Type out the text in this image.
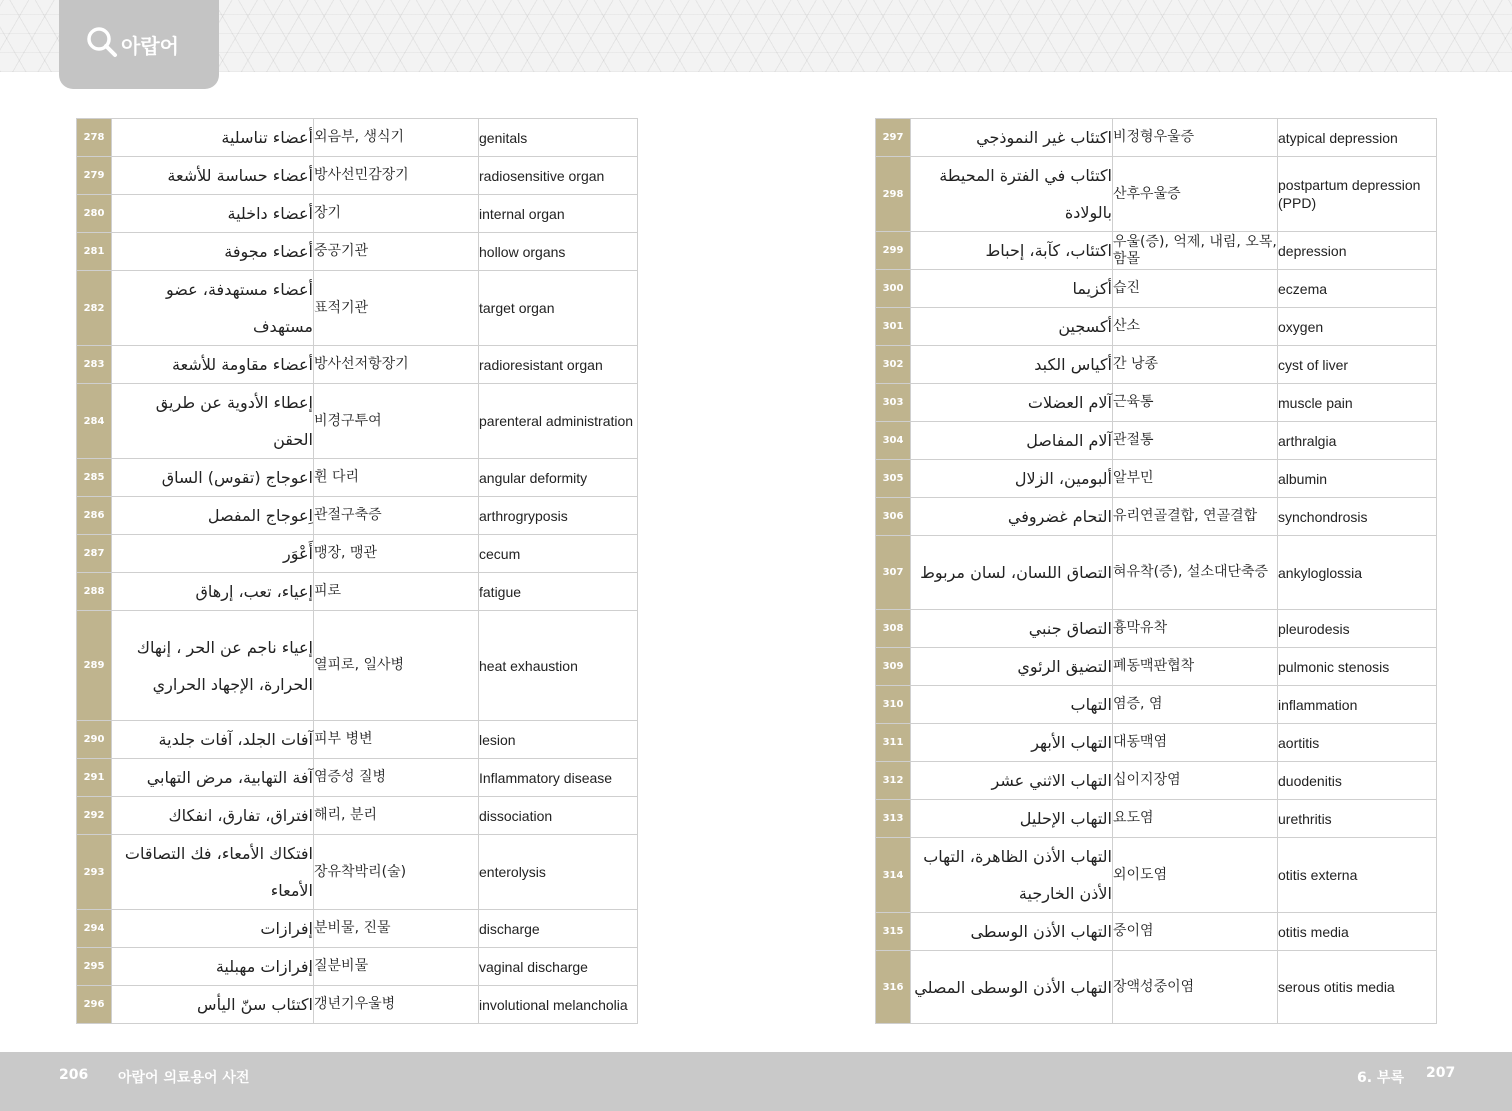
아랍어
278	أعضاء تناسلية	외음부, 생식기	genitals
279	أعضاء حساسة للأشعة	방사선민감장기	radiosensitive organ
280	أعضاء داخلية	장기	internal organ
281	أعضاء مجوفة	중공기관	hollow organs
282	أعضاء مستهدفة، عضو مستهدف	표적기관	target organ
283	أعضاء مقاومة للأشعة	방사선저항장기	radioresistant organ
284	إعطاء الأدوية عن طريق الحقن	비경구투여	parenteral administration
285	اعوجاج (تقوس) الساق	휜 다리	angular deformity
286	اِعوجاج المفصل	관절구축증	arthrogryposis
287	أَعْوَر	맹장, 맹관	cecum
288	إعياء، تعب، إرهاق	피로	fatigue
289	إعياء ناجم عن الحر ، إنهاك الحرارة، الإجهاد الحراري	열피로, 일사병	heat exhaustion
290	آفات الجلد، آفات جلدية	피부 병변	lesion
291	آفة التهابية، مرض التهابي	염증성 질병	Inflammatory disease
292	افتراق، تفارق، انفكاك	해리, 분리	dissociation
293	افتكاك الأمعاء، فك التصاقات الأمعاء	장유착박리(술)	enterolysis
294	إفرازات	분비물, 진물	discharge
295	إفرازات مهبلية	질분비물	vaginal discharge
296	اكتئاب سنّ اليأس	갱년기우울병	involutional melancholia
297	اكتئاب غير النموذجي	비정형우울증	atypical depression
298	اكتئاب في الفترة المحيطة بالولادة	산후우울증	postpartum depression (PPD)
299	اكتئاب، كآبة، إحباط	우울(증), 억제, 내림, 오목, 함몰	depression
300	أكزيما	습진	eczema
301	أكسجين	산소	oxygen
302	أكياس الكبد	간 낭종	cyst of liver
303	آلام العضلات	근육통	muscle pain
304	آلام المفاصل	관절통	arthralgia
305	ألبومين، الزلال	알부민	albumin
306	التحام غضروفي	유리연골결합, 연골결합	synchondrosis
307	التصاق اللسان، لسان مربوط	혀유착(증), 설소대단축증	ankyloglossia
308	التصاق جنبي	흉막유착	pleurodesis
309	التضيق الرئوي	폐동맥판협착	pulmonic stenosis
310	التهاب	염증, 염	inflammation
311	التهاب الأبهر	대동맥염	aortitis
312	التهاب الاثني عشر	십이지장염	duodenitis
313	التهاب الإحليل	요도염	urethritis
314	التهاب الأذن الظاهرة، التهاب الأذن الخارجية	외이도염	otitis externa
315	التهاب الأذن الوسطى	중이염	otitis media
316	التهاب الأذن الوسطى المصلي	장액성중이염	serous otitis media
206 아랍어 의료용어 사전	6. 부록 207
